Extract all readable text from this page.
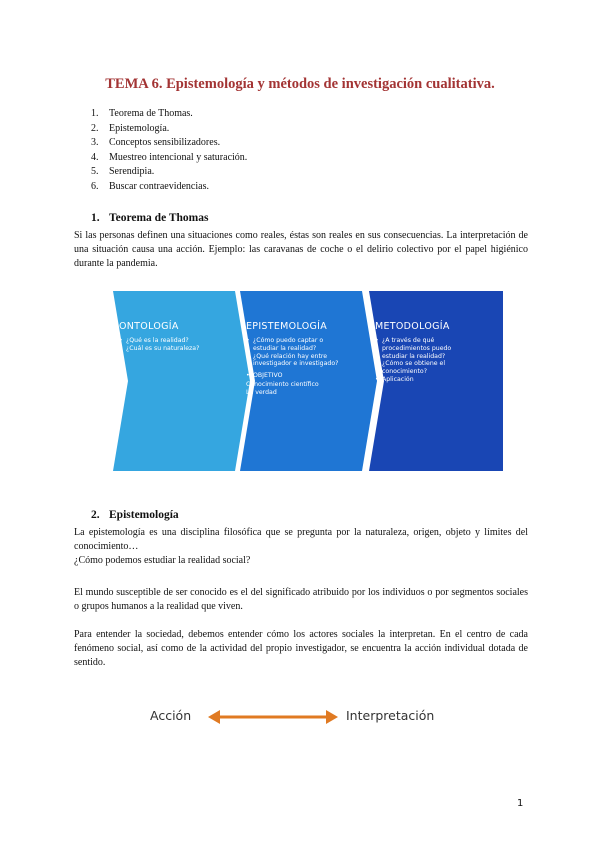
TEMA 6. Epistemología y métodos de investigación cualitativa.
1. Teorema de Thomas.
2. Epistemología.
3. Conceptos sensibilizadores.
4. Muestreo intencional y saturación.
5. Serendipia.
6. Buscar contraevidencias.
1. Teorema de Thomas

Si las personas definen una situaciones como reales, éstas son reales en sus consecuencias. La interpretación de una situación causa una acción. Ejemplo: las caravanas de coche o el delirio colectivo por el papel higiénico durante la pandemia.

ONTOLOGÍA
• ¿Qué es la realidad?
• ¿Cuál es su naturaleza?
EPISTEMOLOGÍA
• ¿Cómo puedo captar o estudiar la realidad?
• ¿Qué relación hay entre investigador e investigado?
• OBJETIVO
Conocimiento científico
La verdad
METODOLOGÍA
• ¿A través de qué procedimientos puedo estudiar la realidad?
• ¿Cómo se obtiene el conocimiento?
• Aplicación
2. Epistemología

La epistemología es una disciplina filosófica que se pregunta por la naturaleza, origen, objeto y límites del conocimiento…

¿Cómo podemos estudiar la realidad social?

El mundo susceptible de ser conocido es el del significado atribuido por los individuos o por segmentos sociales o grupos humanos a la realidad que viven.

Para entender la sociedad, debemos entender cómo los actores sociales la interpretan. En el centro de cada fenómeno social, así como de la actividad del propio investigador, se encuentra la acción individual dotada de sentido.

Acción	Interpretación
1
